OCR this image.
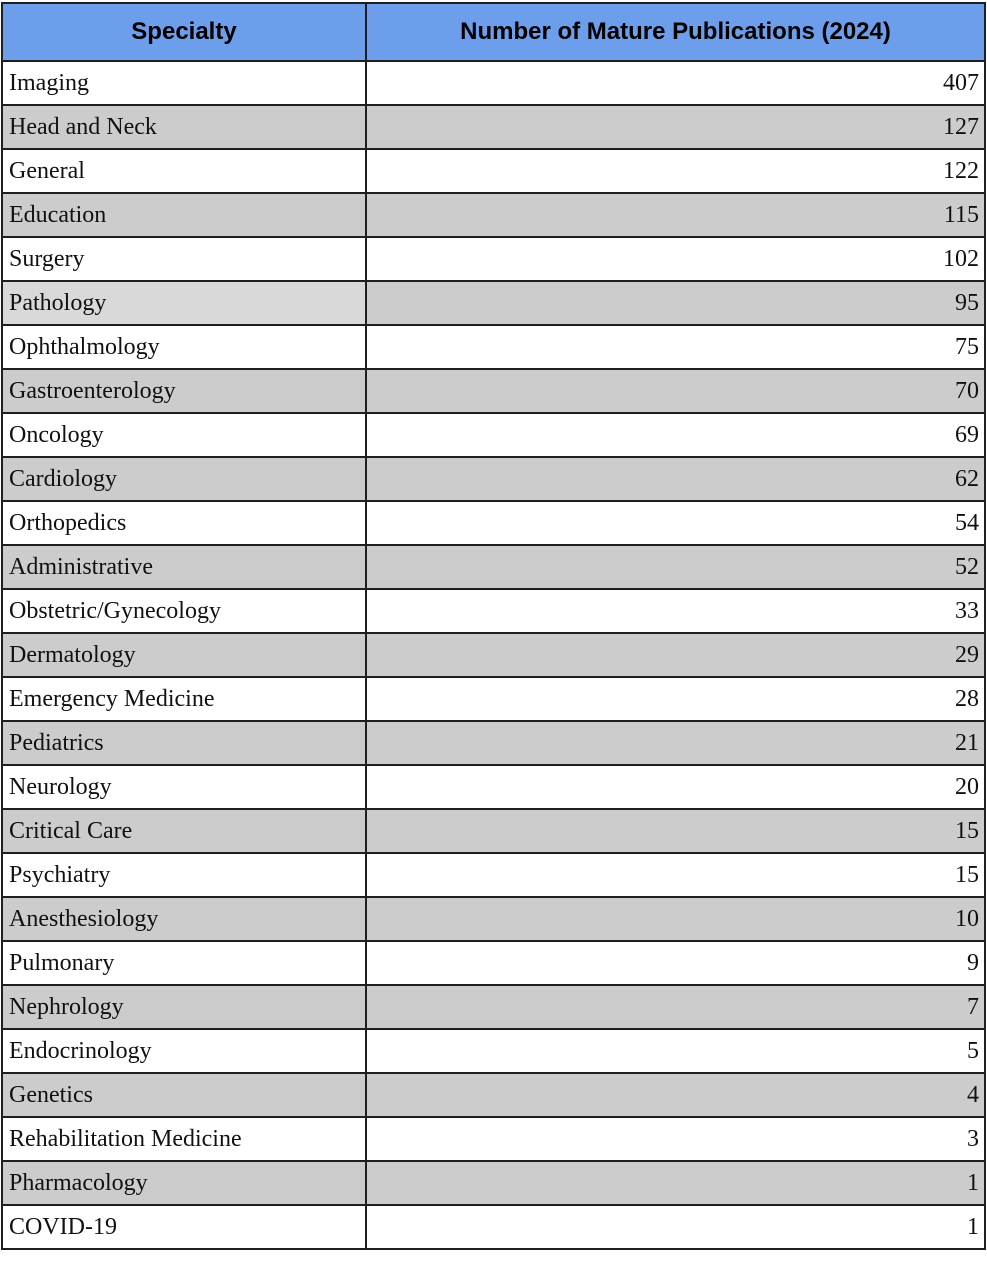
Specialty	Number of Mature Publications (2024)
Imaging	407
Head and Neck	127
General	122
Education	115
Surgery	102
Pathology	95
Ophthalmology	75
Gastroenterology	70
Oncology	69
Cardiology	62
Orthopedics	54
Administrative	52
Obstetric/Gynecology	33
Dermatology	29
Emergency Medicine	28
Pediatrics	21
Neurology	20
Critical Care	15
Psychiatry	15
Anesthesiology	10
Pulmonary	9
Nephrology	7
Endocrinology	5
Genetics	4
Rehabilitation Medicine	3
Pharmacology	1
COVID-19	1
